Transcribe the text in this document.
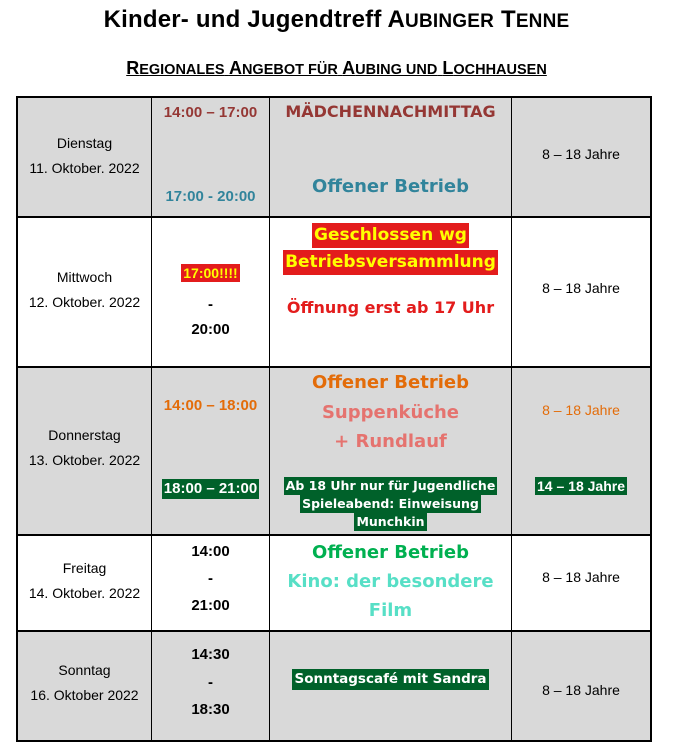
Kinder- und Jugendtreff AUBINGER TENNE
REGIONALES ANGEBOT FÜR AUBING UND LOCHHAUSEN
Dienstag
11. Oktober. 2022
14:00 – 17:00
17:00 - 20:00
MÄDCHENNACHMITTAG
Offener Betrieb
8 – 18 Jahre
Mittwoch
12. Oktober. 2022
17:00!!!!
-
20:00
Geschlossen wg
Betriebsversammlung
Öffnung erst ab 17 Uhr
8 – 18 Jahre
Donnerstag
13. Oktober. 2022
14:00 – 18:00
18:00 – 21:00
Offener Betrieb
Suppenküche
+ Rundlauf
Ab 18 Uhr nur für Jugendliche
Spieleabend: Einweisung
Munchkin
8 – 18 Jahre
14 – 18 Jahre
Freitag
14. Oktober. 2022
14:00
-
21:00
Offener Betrieb
Kino: der besondere
Film
8 – 18 Jahre
Sonntag
16. Oktober 2022
14:30
-
18:30
Sonntagscafé mit Sandra
8 – 18 Jahre
